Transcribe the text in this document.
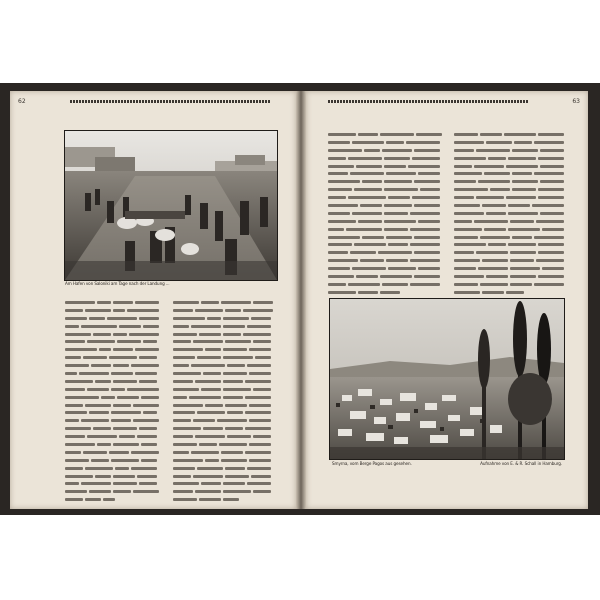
62
Am Hafen von Saloniki am Tage nach der Landung ...
63
Smyrna, vom Berge Pagos aus gesehen.	Aufnahme von E. & R. Schall in Hamburg.
